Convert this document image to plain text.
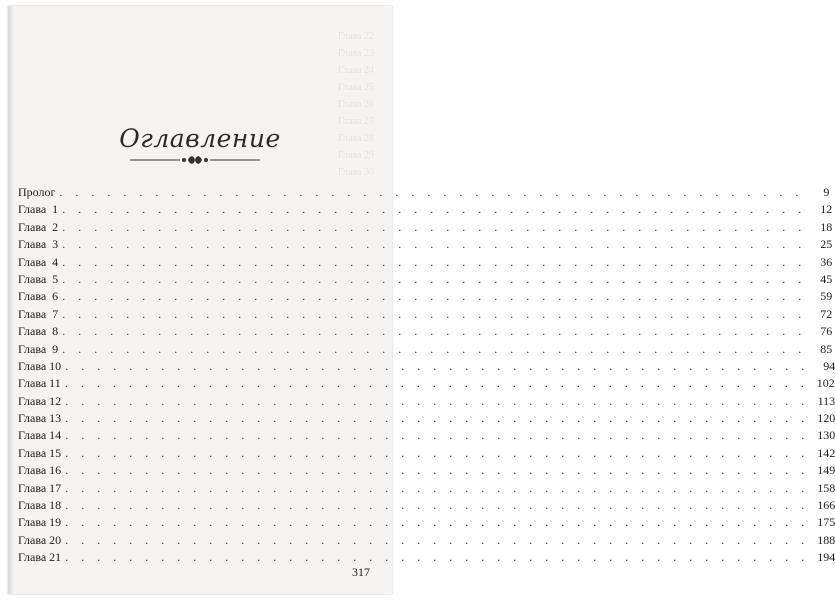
Глава 22
Глава 23
Глава 24
Глава 25
Глава 26
Глава 27
Глава 28
Глава 29
Глава 30
Оглавление
Пролог . . . . . . . . . . . . . . . . . . . . . . . . . . . . . . . . . . . . . . . . . . . . . . .	9
Глава  1 . . . . . . . . . . . . . . . . . . . . . . . . . . . . . . . . . . . . . . . . . . . . . . .	12
Глава  2 . . . . . . . . . . . . . . . . . . . . . . . . . . . . . . . . . . . . . . . . . . . . . . .	18
Глава  3 . . . . . . . . . . . . . . . . . . . . . . . . . . . . . . . . . . . . . . . . . . . . . . .	25
Глава  4 . . . . . . . . . . . . . . . . . . . . . . . . . . . . . . . . . . . . . . . . . . . . . . .	36
Глава  5 . . . . . . . . . . . . . . . . . . . . . . . . . . . . . . . . . . . . . . . . . . . . . . .	45
Глава  6 . . . . . . . . . . . . . . . . . . . . . . . . . . . . . . . . . . . . . . . . . . . . . . .	59
Глава  7 . . . . . . . . . . . . . . . . . . . . . . . . . . . . . . . . . . . . . . . . . . . . . . .	72
Глава  8 . . . . . . . . . . . . . . . . . . . . . . . . . . . . . . . . . . . . . . . . . . . . . . .	76
Глава  9 . . . . . . . . . . . . . . . . . . . . . . . . . . . . . . . . . . . . . . . . . . . . . . .	85
Глава 10 . . . . . . . . . . . . . . . . . . . . . . . . . . . . . . . . . . . . . . . . . . . . . . .	94
Глава 11 . . . . . . . . . . . . . . . . . . . . . . . . . . . . . . . . . . . . . . . . . . . . . . . 102
Глава 12 . . . . . . . . . . . . . . . . . . . . . . . . . . . . . . . . . . . . . . . . . . . . . . . 113
Глава 13 . . . . . . . . . . . . . . . . . . . . . . . . . . . . . . . . . . . . . . . . . . . . . . . 120
Глава 14 . . . . . . . . . . . . . . . . . . . . . . . . . . . . . . . . . . . . . . . . . . . . . . . 130
Глава 15 . . . . . . . . . . . . . . . . . . . . . . . . . . . . . . . . . . . . . . . . . . . . . . . 142
Глава 16 . . . . . . . . . . . . . . . . . . . . . . . . . . . . . . . . . . . . . . . . . . . . . . . 149
Глава 17 . . . . . . . . . . . . . . . . . . . . . . . . . . . . . . . . . . . . . . . . . . . . . . . 158
Глава 18 . . . . . . . . . . . . . . . . . . . . . . . . . . . . . . . . . . . . . . . . . . . . . . . 166
Глава 19 . . . . . . . . . . . . . . . . . . . . . . . . . . . . . . . . . . . . . . . . . . . . . . . 175
Глава 20 . . . . . . . . . . . . . . . . . . . . . . . . . . . . . . . . . . . . . . . . . . . . . . . 188
Глава 21 . . . . . . . . . . . . . . . . . . . . . . . . . . . . . . . . . . . . . . . . . . . . . . . 194
317
